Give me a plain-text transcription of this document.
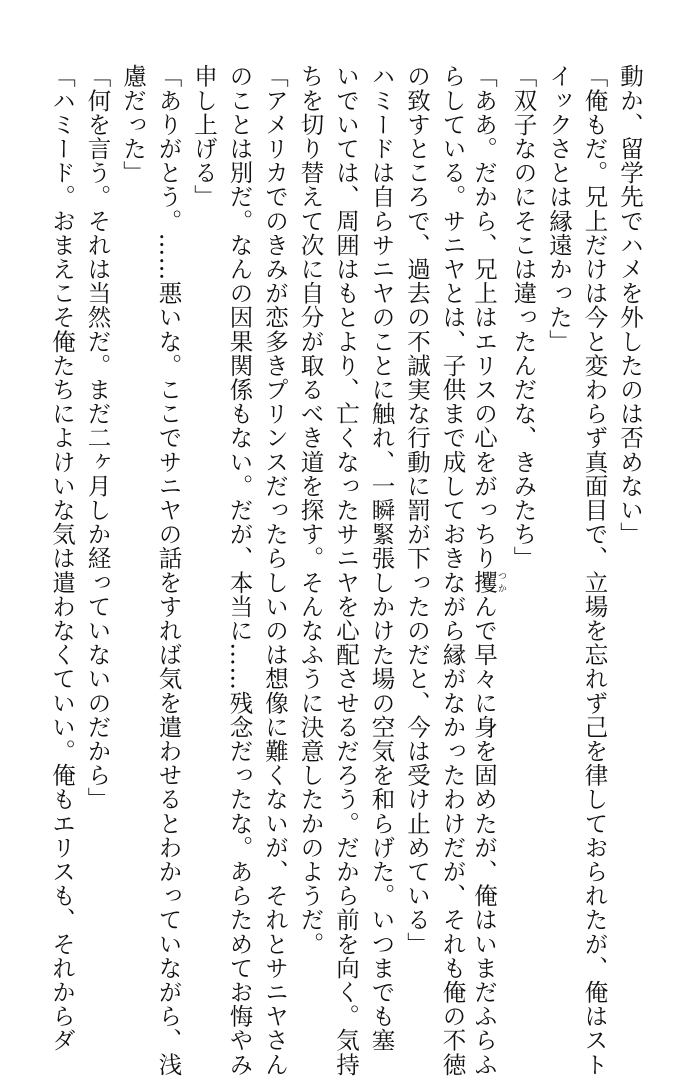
動か、留学先でハメを外したのは否めない」
「俺もだ。兄上だけは今と変わらず真面目で、立場を忘れず己を律しておられたが、俺はスト
イックさとは縁遠かった」
「双子なのにそこは違ったんだな、きみたち」
「ああ。だから、兄上はエリスの心をがっちり攫つかんで早々に身を固めたが、俺はいまだふらふ
らしている。サニヤとは、子供まで成しておきながら縁がなかったわけだが、それも俺の不徳
の致すところで、過去の不誠実な行動に罰が下ったのだと、今は受け止めている」
ハミードは自らサニヤのことに触れ、一瞬緊張しかけた場の空気を和らげた。いつまでも塞
いでいては、周囲はもとより、亡くなったサニヤを心配させるだろう。だから前を向く。気持
ちを切り替えて次に自分が取るべき道を探す。そんなふうに決意したかのようだ。
「アメリカでのきみが恋多きプリンスだったらしいのは想像に難くないが、それとサニヤさん
のことは別だ。なんの因果関係もない。だが、本当に……残念だったな。あらためてお悔やみ
申し上げる」
「ありがとう。……悪いな。ここでサニヤの話をすれば気を遣わせるとわかっていながら、浅
慮だった」
「何を言う。それは当然だ。まだ二ヶ月しか経っていないのだから」
「ハミード。おまえこそ俺たちによけいな気は遣わなくていい。俺もエリスも、それからダ
